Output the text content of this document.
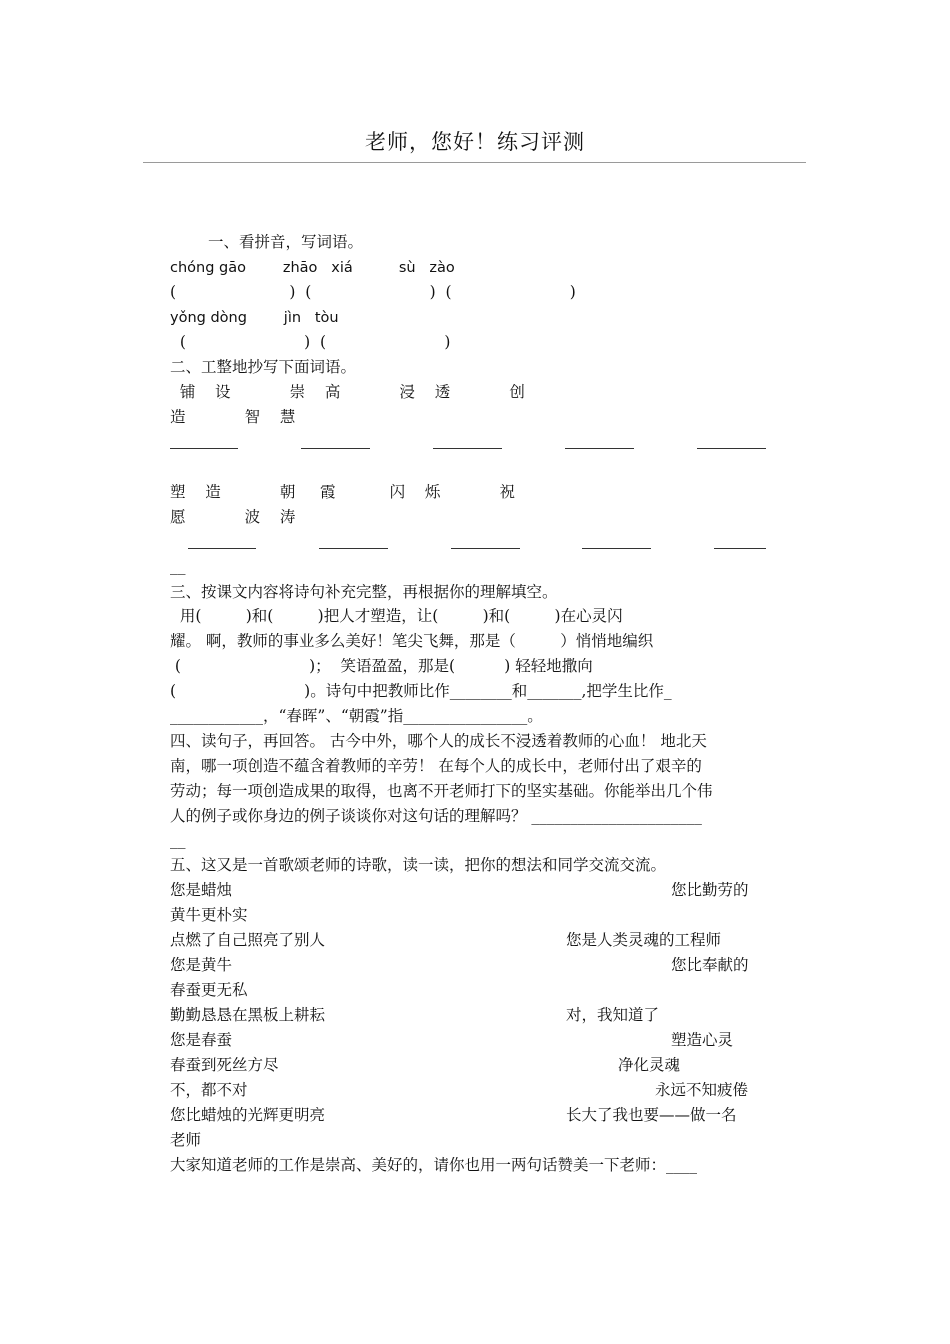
老师，您好！练习评测
一、看拼音，写词语。
chóng gāo        zhāo   xiá          sù   zào
(                       )  (                        )  (                        )
yǒng dòng        jìn   tòu
(                        )  (                        )
二、工整地抄写下面词语。
铺    设            崇    高            浸    透            创
造            智    慧
塑    造            朝     霞           闪    烁            祝
愿            波    涛
__
三、按课文内容将诗句补充完整，再根据你的理解填空。
用(         )和(         )把人才塑造，让(         )和(         )在心灵闪
耀。 啊，教师的事业多么美好！笔尖飞舞，那是（         ）悄悄地编织
(                          )；  笑语盈盈，那是(          ) 轻轻地撒向
(                          )。诗句中把教师比作________和_______,把学生比作_
____________，“春晖”、“朝霞”指________________。
四、读句子，再回答。 古今中外，哪个人的成长不浸透着教师的心血！ 地北天
南，哪一项创造不蕴含着教师的辛劳！ 在每个人的成长中，老师付出了艰辛的
劳动；每一项创造成果的取得，也离不开老师打下的坚实基础。你能举出几个伟
人的例子或你身边的例子谈谈你对这句话的理解吗？ ______________________
__
五、这又是一首歌颂老师的诗歌，读一读，把你的想法和同学交流交流。
您是蜡烛	您比勤劳的
黄牛更朴实
点燃了自己照亮了别人	您是人类灵魂的工程师
您是黄牛	您比奉献的
春蚕更无私
勤勤恳恳在黑板上耕耘	对，我知道了
您是春蚕	塑造心灵
春蚕到死丝方尽	净化灵魂
不，都不对	永远不知疲倦
您比蜡烛的光辉更明亮	长大了我也要——做一名
老师
大家知道老师的工作是崇高、美好的，请你也用一两句话赞美一下老师：____
